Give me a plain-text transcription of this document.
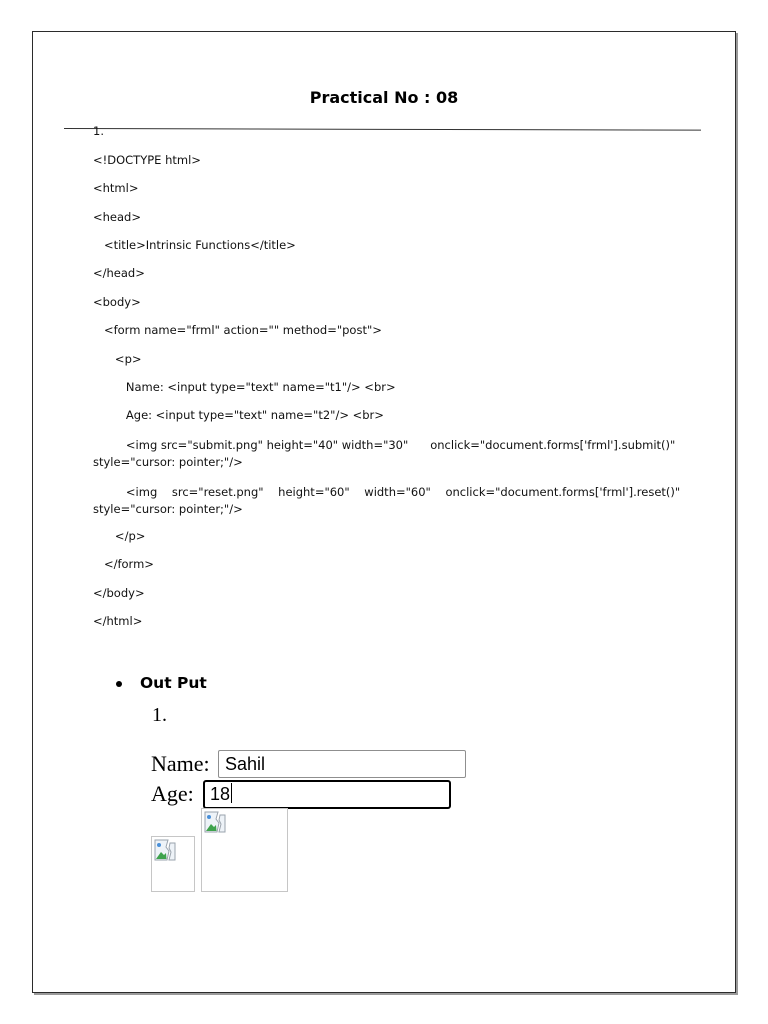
Practical No : 08
1.
<!DOCTYPE html>
<html>
<head>
<title>Intrinsic Functions</title>
</head>
<body>
<form name="frml" action="" method="post">
<p>
Name: <input type="text" name="t1"/> <br>
Age: <input type="text" name="t2"/> <br>
<img src="submit.png" height="40" width="30"      onclick="document.forms['frml'].submit()"
style="cursor: pointer;"/>
<img    src="reset.png"    height="60"    width="60"    onclick="document.forms['frml'].reset()"
style="cursor: pointer;"/>
</p>
</form>
</body>
</html>
Out Put
1.
Name: Sahil
Age: 18
